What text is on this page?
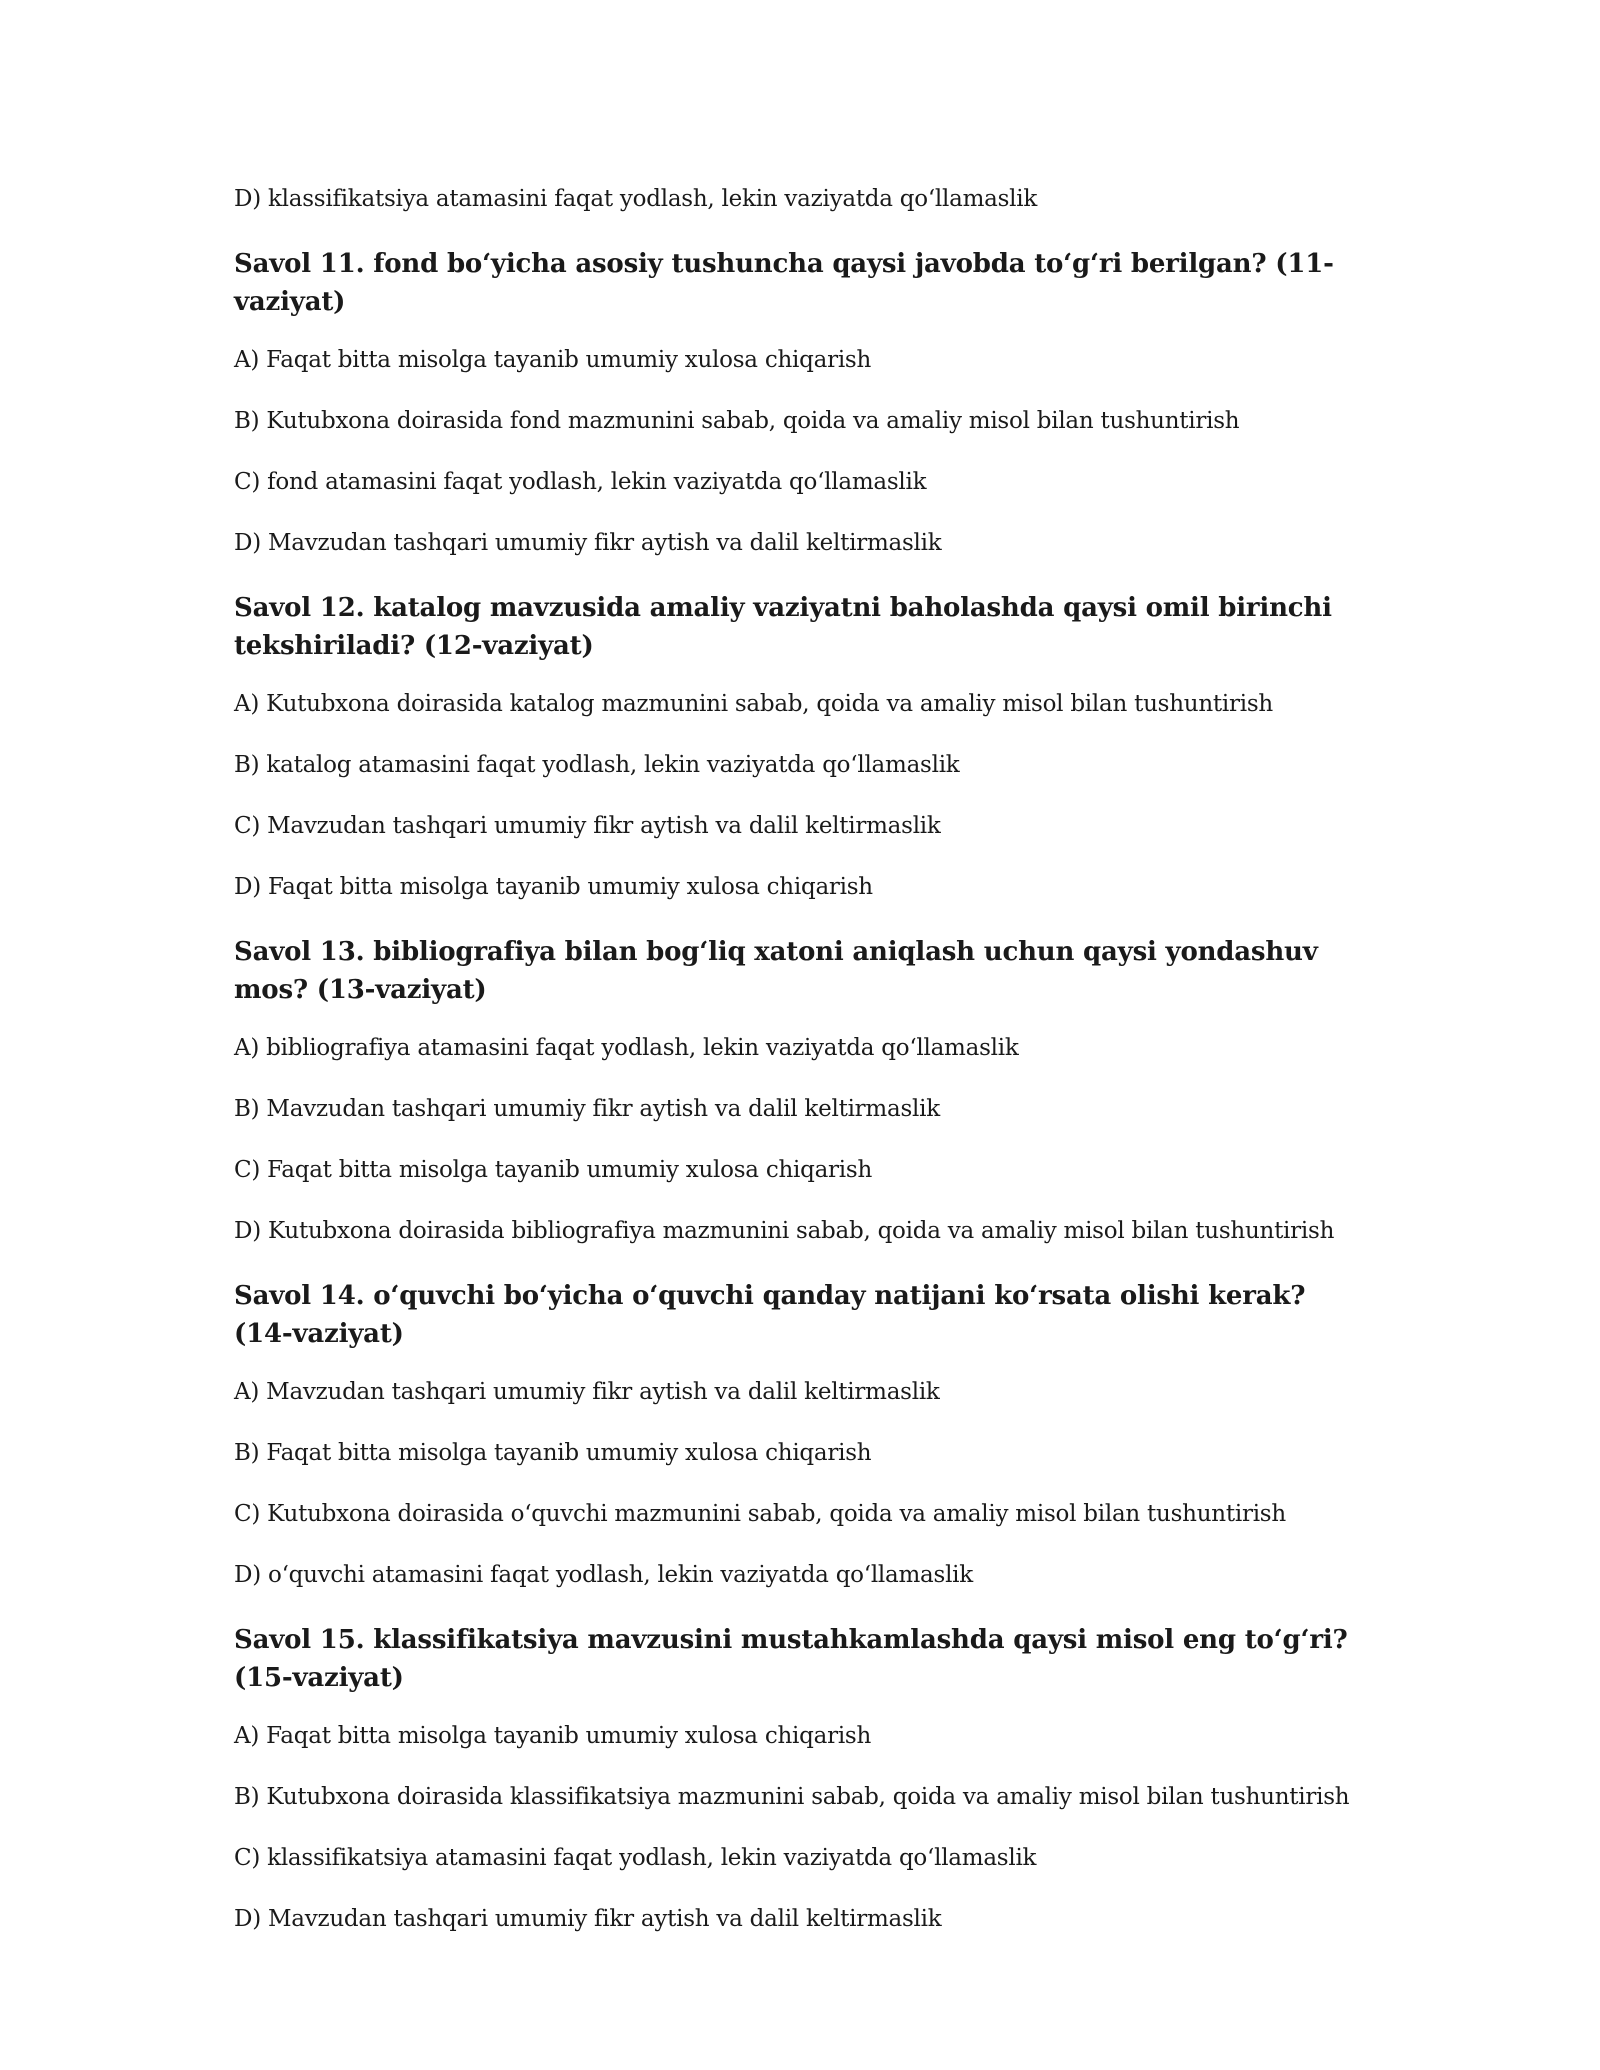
D) klassifikatsiya atamasini faqat yodlash, lekin vaziyatda qoʻllamaslik
Savol 11. fond boʻyicha asosiy tushuncha qaysi javobda toʻgʻri berilgan? (11-vaziyat)
A) Faqat bitta misolga tayanib umumiy xulosa chiqarish
B) Kutubxona doirasida fond mazmunini sabab, qoida va amaliy misol bilan tushuntirish
C) fond atamasini faqat yodlash, lekin vaziyatda qoʻllamaslik
D) Mavzudan tashqari umumiy fikr aytish va dalil keltirmaslik
Savol 12. katalog mavzusida amaliy vaziyatni baholashda qaysi omil birinchi tekshiriladi? (12-vaziyat)
A) Kutubxona doirasida katalog mazmunini sabab, qoida va amaliy misol bilan tushuntirish
B) katalog atamasini faqat yodlash, lekin vaziyatda qoʻllamaslik
C) Mavzudan tashqari umumiy fikr aytish va dalil keltirmaslik
D) Faqat bitta misolga tayanib umumiy xulosa chiqarish
Savol 13. bibliografiya bilan bogʻliq xatoni aniqlash uchun qaysi yondashuv mos? (13-vaziyat)
A) bibliografiya atamasini faqat yodlash, lekin vaziyatda qoʻllamaslik
B) Mavzudan tashqari umumiy fikr aytish va dalil keltirmaslik
C) Faqat bitta misolga tayanib umumiy xulosa chiqarish
D) Kutubxona doirasida bibliografiya mazmunini sabab, qoida va amaliy misol bilan tushuntirish
Savol 14. oʻquvchi boʻyicha oʻquvchi qanday natijani koʻrsata olishi kerak? (14-vaziyat)
A) Mavzudan tashqari umumiy fikr aytish va dalil keltirmaslik
B) Faqat bitta misolga tayanib umumiy xulosa chiqarish
C) Kutubxona doirasida oʻquvchi mazmunini sabab, qoida va amaliy misol bilan tushuntirish
D) oʻquvchi atamasini faqat yodlash, lekin vaziyatda qoʻllamaslik
Savol 15. klassifikatsiya mavzusini mustahkamlashda qaysi misol eng toʻgʻri? (15-vaziyat)
A) Faqat bitta misolga tayanib umumiy xulosa chiqarish
B) Kutubxona doirasida klassifikatsiya mazmunini sabab, qoida va amaliy misol bilan tushuntirish
C) klassifikatsiya atamasini faqat yodlash, lekin vaziyatda qoʻllamaslik
D) Mavzudan tashqari umumiy fikr aytish va dalil keltirmaslik
